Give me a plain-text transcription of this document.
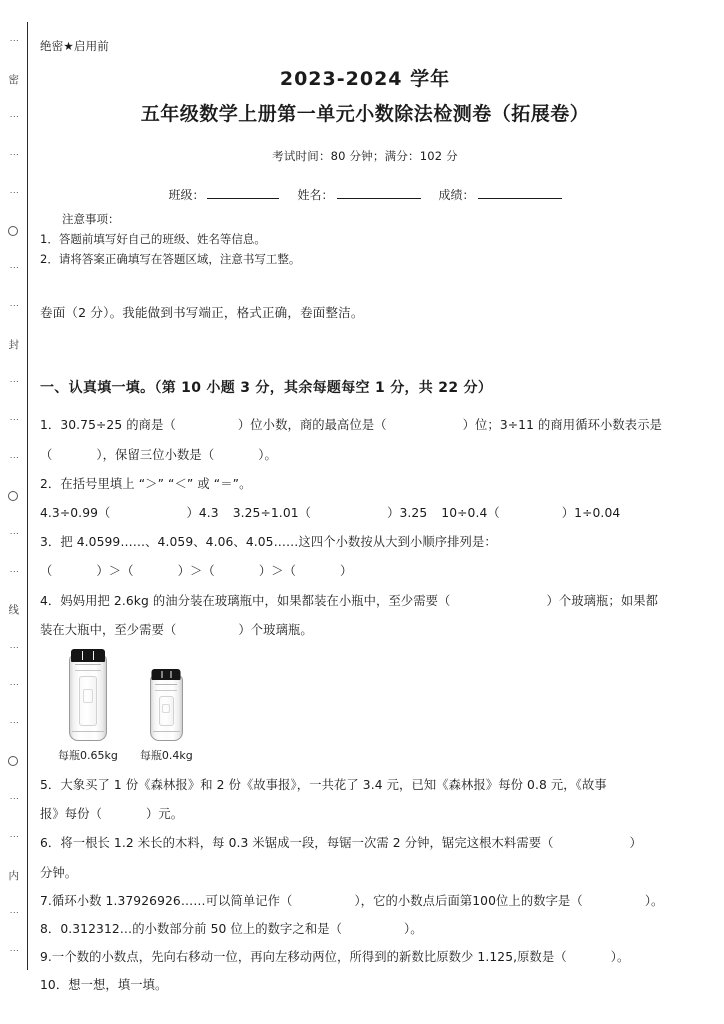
⋮
密
⋮
⋮
⋮
⋮
⋮
封
⋮
⋮
⋮
⋮
⋮
线
⋮
⋮
⋮
⋮
⋮
内
⋮
⋮
绝密★启用前
2023-2024 学年
五年级数学上册第一单元小数除法检测卷（拓展卷）
考试时间：80 分钟；满分：102 分
班级：	姓名：	成绩：
注意事项：
1．答题前填写好自己的班级、姓名等信息。
2．请将答案正确填写在答题区域，注意书写工整。
卷面（2 分）。我能做到书写端正，格式正确，卷面整洁。
一、认真填一填。（第 10 小题 3 分，其余每题每空 1 分，共 22 分）
1．30.75÷25 的商是（	）位小数，商的最高位是（	）位；3÷11 的商用循环小数表示是
（	），保留三位小数是（	）。
2．在括号里填上 “＞” “＜” 或 “＝”。
4.3÷0.99（	）4.3 3.25÷1.01（	）3.25 10÷0.4（	）1÷0.04
3．把 4.0599……、4.059、4.06、4.05……这四个小数按从大到小顺序排列是：
（	）＞（	）＞（	）＞（	）
4．妈妈用把 2.6kg 的油分装在玻璃瓶中，如果都装在小瓶中，至少需要（	）个玻璃瓶；如果都
装在大瓶中，至少需要（	）个玻璃瓶。
每瓶0.65kg 每瓶0.4kg
5．大象买了 1 份《森林报》和 2 份《故事报》，一共花了 3.4 元，已知《森林报》每份 0.8 元，《故事
报》每份（	）元。
6．将一根长 1.2 米长的木料，每 0.3 米锯成一段，每锯一次需 2 分钟，锯完这根木料需要（	）
分钟。
7.循环小数 1.37926926……可以简单记作（	），它的小数点后面第100位上的数字是（	）。
8．0.312312…的小数部分前 50 位上的数字之和是（	）。
9.一个数的小数点，先向右移动一位，再向左移动两位，所得到的新数比原数少 1.125,原数是（	）。
10．想一想，填一填。
